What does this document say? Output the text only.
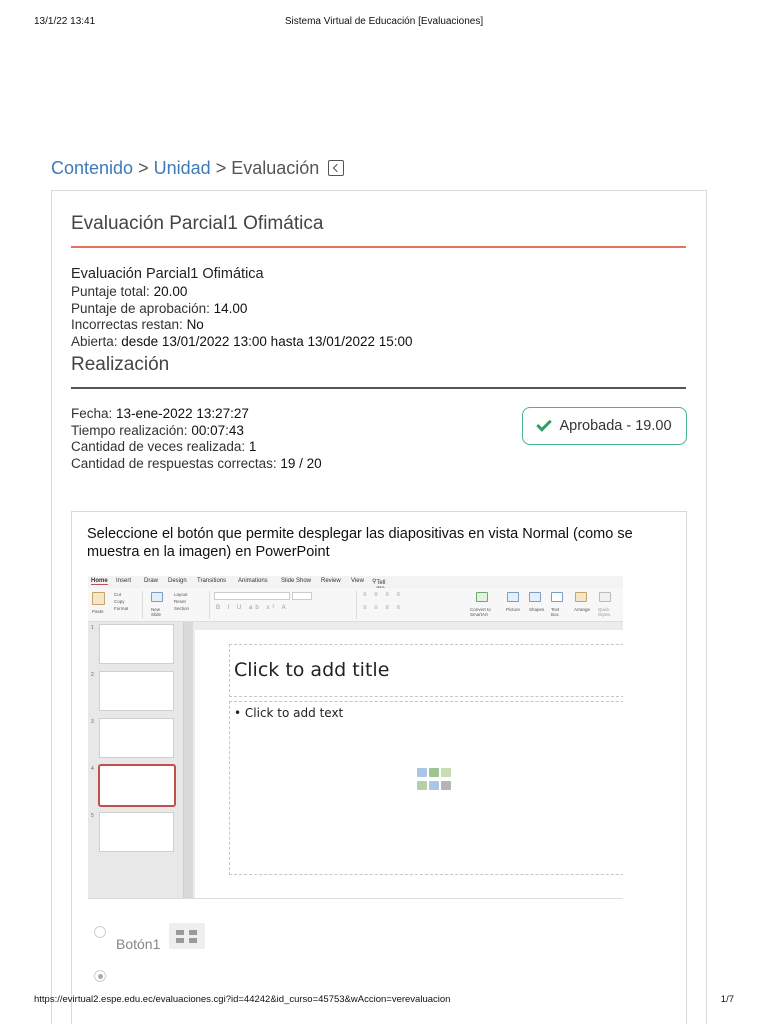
13/1/22 13:41	Sistema Virtual de Educación [Evaluaciones]
Contenido > Unidad > Evaluación
Evaluación Parcial1 Ofimática
Evaluación Parcial1 Ofimática
Puntaje total: 20.00
Puntaje de aprobación: 14.00
Incorrectas restan: No
Abierta: desde 13/01/2022 13:00 hasta 13/01/2022 15:00
Realización
Fecha: 13-ene-2022 13:27:27
Tiempo realización: 00:07:43
Cantidad de veces realizada: 1
Cantidad de respuestas correctas: 19 / 20
Aprobada - 19.00
Seleccione el botón que permite desplegar las diapositivas en vista Normal (como se muestra en la imagen) en PowerPoint
Home Insert Draw Design Transitions Animations Slide Show Review View ⚲ Tell
Paste
Cut
Copy
Format	New Slide
Layout
Reset
Section	B I U ab x² A
≡ ≡ ≡ ≡
≡ ≡ ≡ ≡	Convert to SmartArt
Picture Shapes Text Box
Arrange Quick Styles
1
2
3
4
5
Click to add title
• Click to add text
Botón1
https://evirtual2.espe.edu.ec/evaluaciones.cgi?id=44242&id_curso=45753&wAccion=verevaluacion	1/7
